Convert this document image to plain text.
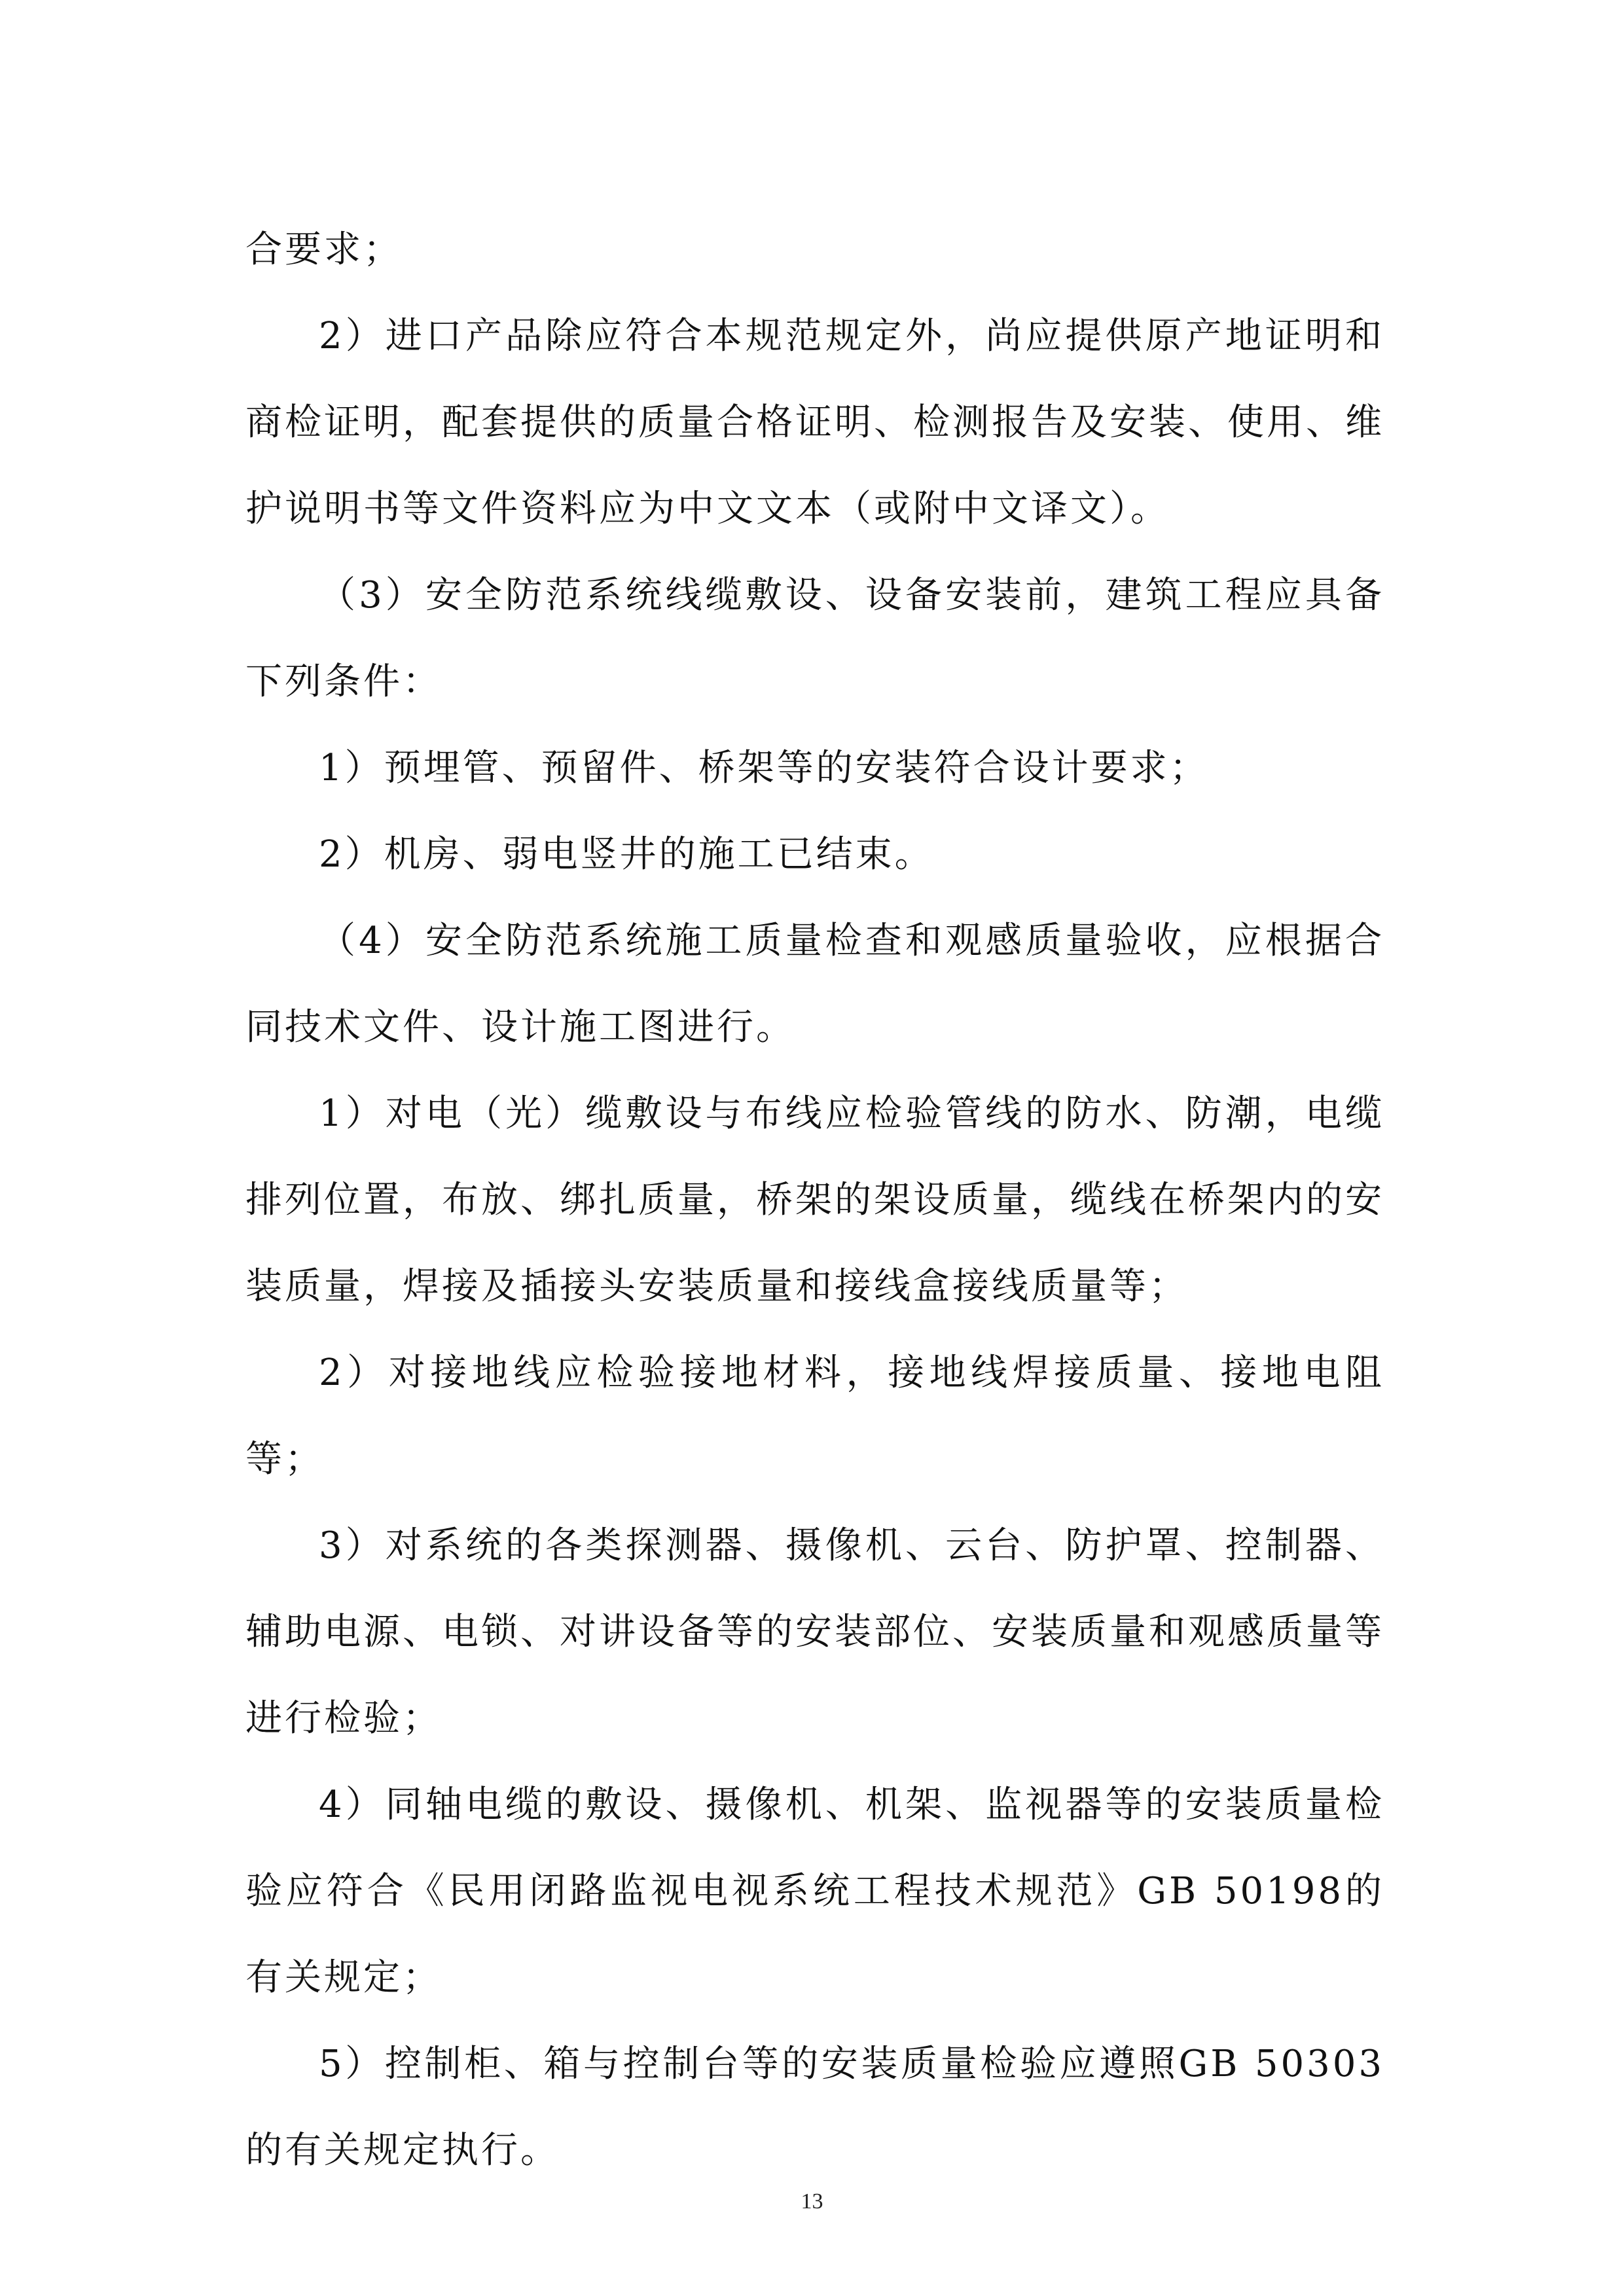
合要求；

2）进口产品除应符合本规范规定外，尚应提供原产地证明和商检证明，配套提供的质量合格证明、检测报告及安装、使用、维护说明书等文件资料应为中文文本（或附中文译文）。

（3）安全防范系统线缆敷设、设备安装前，建筑工程应具备下列条件：

1）预埋管、预留件、桥架等的安装符合设计要求；

2）机房、弱电竖井的施工已结束。

（4）安全防范系统施工质量检查和观感质量验收，应根据合同技术文件、设计施工图进行。

1）对电（光）缆敷设与布线应检验管线的防水、防潮，电缆排列位置，布放、绑扎质量，桥架的架设质量，缆线在桥架内的安装质量，焊接及插接头安装质量和接线盒接线质量等；

2）对接地线应检验接地材料，接地线焊接质量、接地电阻等；

3）对系统的各类探测器、摄像机、云台、防护罩、控制器、辅助电源、电锁、对讲设备等的安装部位、安装质量和观感质量等进行检验；

4）同轴电缆的敷设、摄像机、机架、监视器等的安装质量检验应符合《民用闭路监视电视系统工程技术规范》GB 50198的有关规定；

5）控制柜、箱与控制台等的安装质量检验应遵照GB 50303的有关规定执行。

13
